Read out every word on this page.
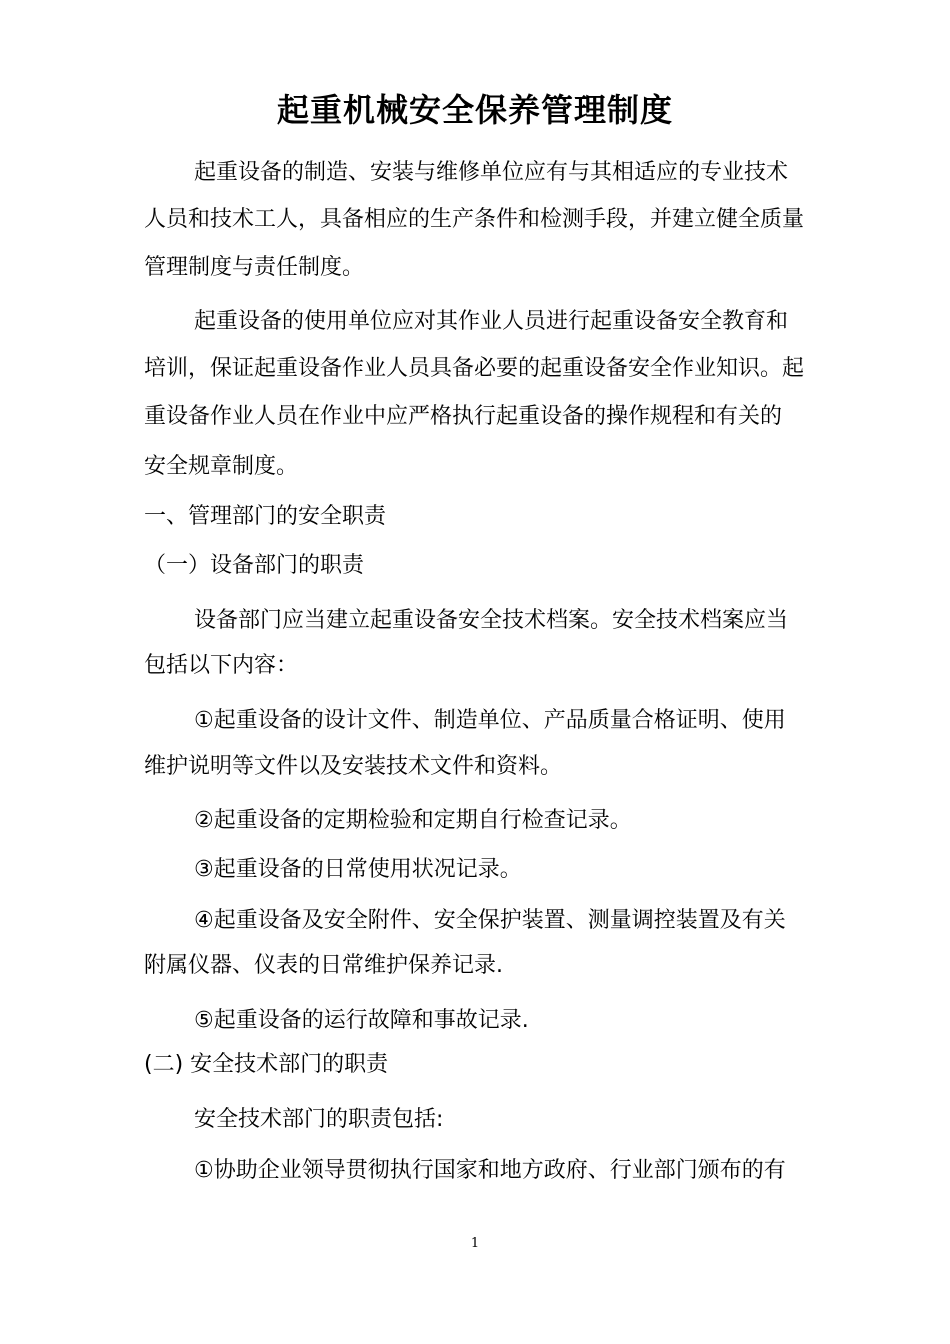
起重机械安全保养管理制度
起重设备的制造、安装与维修单位应有与其相适应的专业技术
人员和技术工人，具备相应的生产条件和检测手段，并建立健全质量
管理制度与责任制度。
起重设备的使用单位应对其作业人员进行起重设备安全教育和
培训，保证起重设备作业人员具备必要的起重设备安全作业知识。起
重设备作业人员在作业中应严格执行起重设备的操作规程和有关的
安全规章制度。
一、管理部门的安全职责
（一）设备部门的职责
设备部门应当建立起重设备安全技术档案。安全技术档案应当
包括以下内容：
①起重设备的设计文件、制造单位、产品质量合格证明、使用
维护说明等文件以及安装技术文件和资料。
②起重设备的定期检验和定期自行检查记录。
③起重设备的日常使用状况记录。
④起重设备及安全附件、安全保护装置、测量调控装置及有关
附属仪器、仪表的日常维护保养记录.
⑤起重设备的运行故障和事故记录.
(二) 安全技术部门的职责
安全技术部门的职责包括:
①协助企业领导贯彻执行国家和地方政府、行业部门颁布的有
1
